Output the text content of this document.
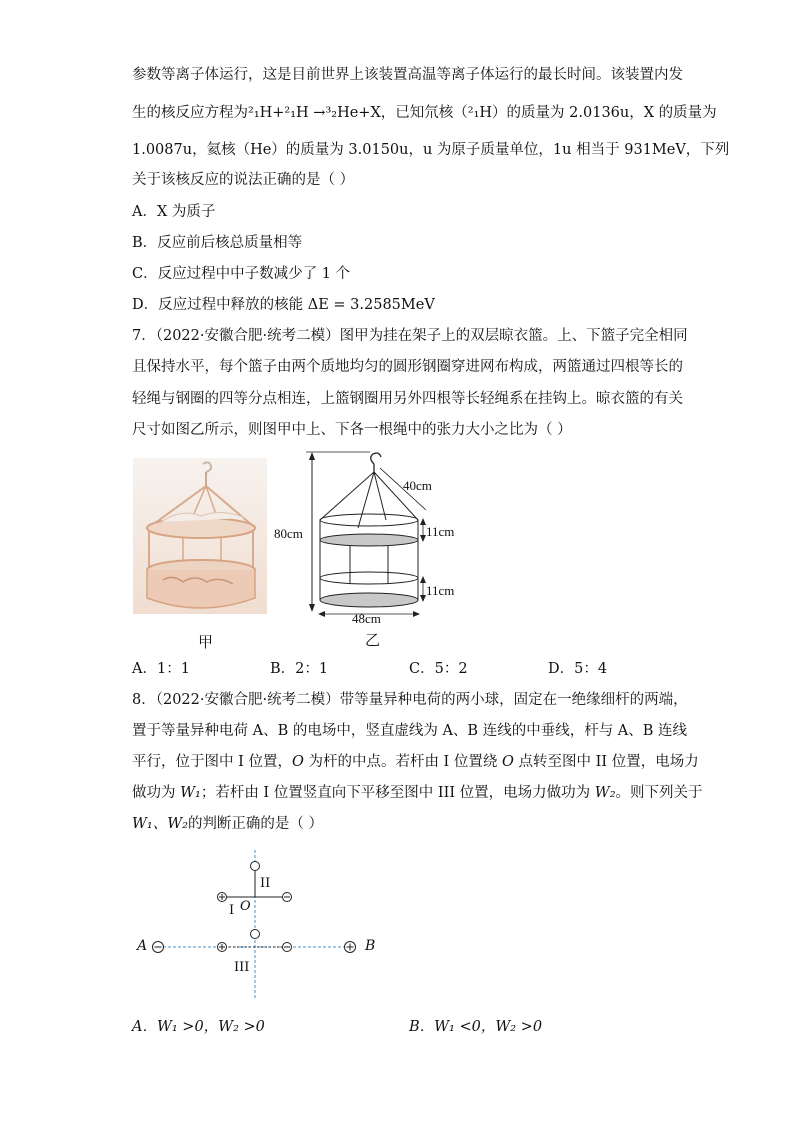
参数等离子体运行，这是目前世界上该装置高温等离子体运行的最长时间。该装置内发
生的核反应方程为²₁H+²₁H →³₂He+X，已知氘核（²₁H）的质量为 2.0136u，X 的质量为
1.0087u，氦核（He）的质量为 3.0150u，u 为原子质量单位，1u 相当于 931MeV，下列
关于该核反应的说法正确的是（ ）
A．X 为质子
B．反应前后核总质量相等
C．反应过程中中子数减少了 1 个
D．反应过程中释放的核能 ΔE = 3.2585MeV
7．（2022·安徽合肥·统考二模）图甲为挂在架子上的双层晾衣篮。上、下篮子完全相同
且保持水平，每个篮子由两个质地均匀的圆形钢圈穿进网布构成，两篮通过四根等长的
轻绳与钢圈的四等分点相连，上篮钢圈用另外四根等长轻绳系在挂钩上。晾衣篮的有关
尺寸如图乙所示，则图甲中上、下各一根绳中的张力大小之比为（ ）
甲
80cm
40cm
11cm
11cm
48cm
乙
A．1：1	B．2：1	C．5：2	D．5：4
8．（2022·安徽合肥·统考二模）带等量异种电荷的两小球，固定在一绝缘细杆的两端，
置于等量异种电荷 A、B 的电场中，竖直虚线为 A、B 连线的中垂线，杆与 A、B 连线
平行，位于图中 I 位置，O 为杆的中点。若杆由 I 位置绕 O 点转至图中 II 位置，电场力
做功为 W₁；若杆由 I 位置竖直向下平移至图中 III 位置，电场力做功为 W₂。则下列关于
W₁、W₂的判断正确的是（ ）
A	B
O
I
II
III
A．W₁ >0，W₂ >0	B．W₁ <0，W₂ >0
